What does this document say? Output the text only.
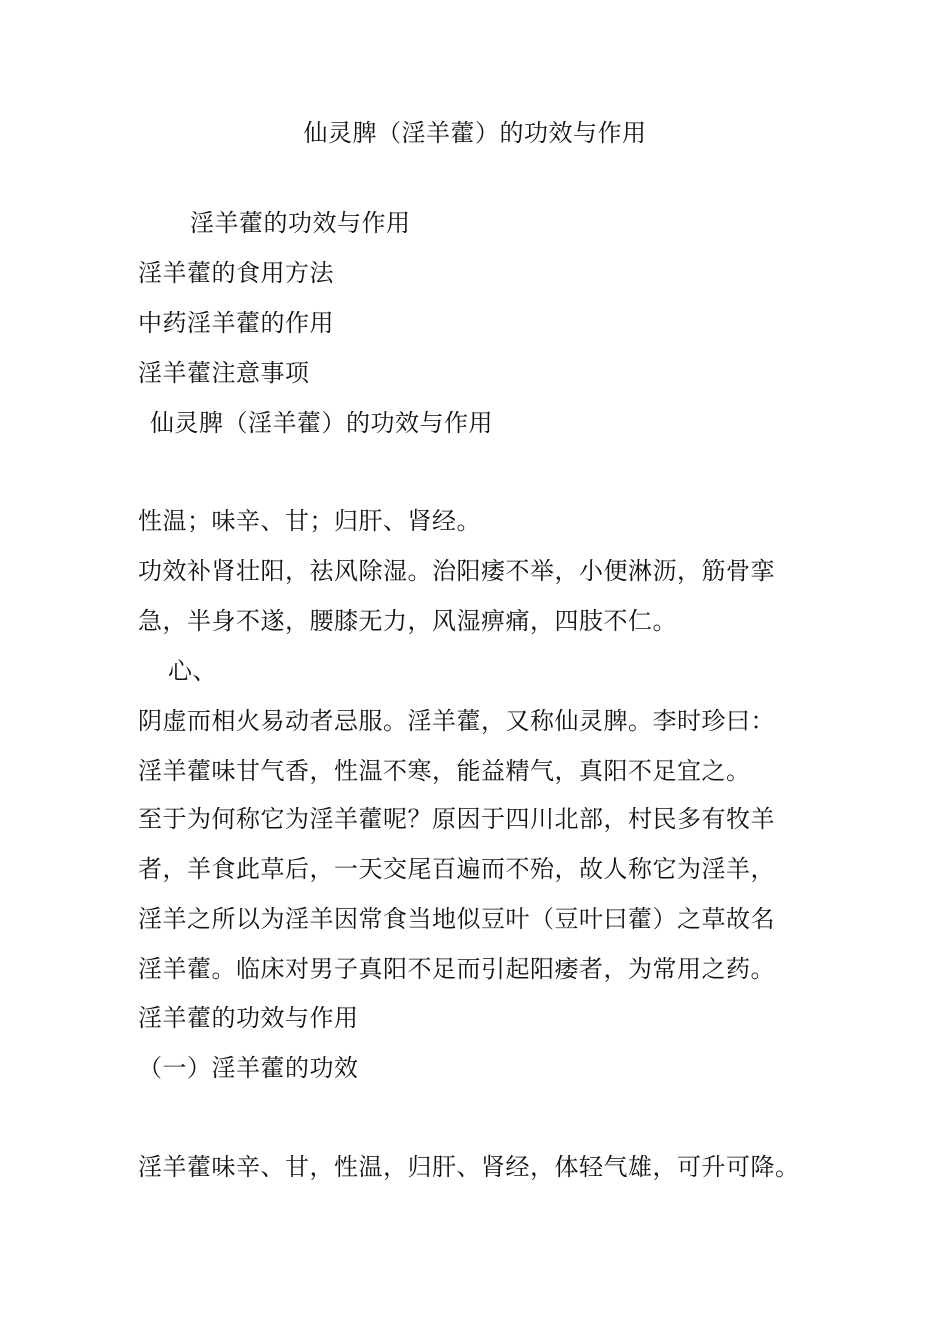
仙灵脾（淫羊藿）的功效与作用
淫羊藿的功效与作用
淫羊藿的食用方法
中药淫羊藿的作用
淫羊藿注意事项
仙灵脾（淫羊藿）的功效与作用
性温；味辛、甘；归肝、肾经。
功效补肾壮阳，祛风除湿。治阳痿不举，小便淋沥，筋骨挛
急，半身不遂，腰膝无力，风湿痹痛，四肢不仁。
心、
阴虚而相火易动者忌服。淫羊藿，又称仙灵脾。李时珍曰：
淫羊藿味甘气香，性温不寒，能益精气，真阳不足宜之。
至于为何称它为淫羊藿呢？原因于四川北部，村民多有牧羊
者，羊食此草后，一天交尾百遍而不殆，故人称它为淫羊，
淫羊之所以为淫羊因常食当地似豆叶（豆叶曰藿）之草故名
淫羊藿。临床对男子真阳不足而引起阳痿者，为常用之药。
淫羊藿的功效与作用
（一）淫羊藿的功效
淫羊藿味辛、甘，性温，归肝、肾经，体轻气雄，可升可降。
